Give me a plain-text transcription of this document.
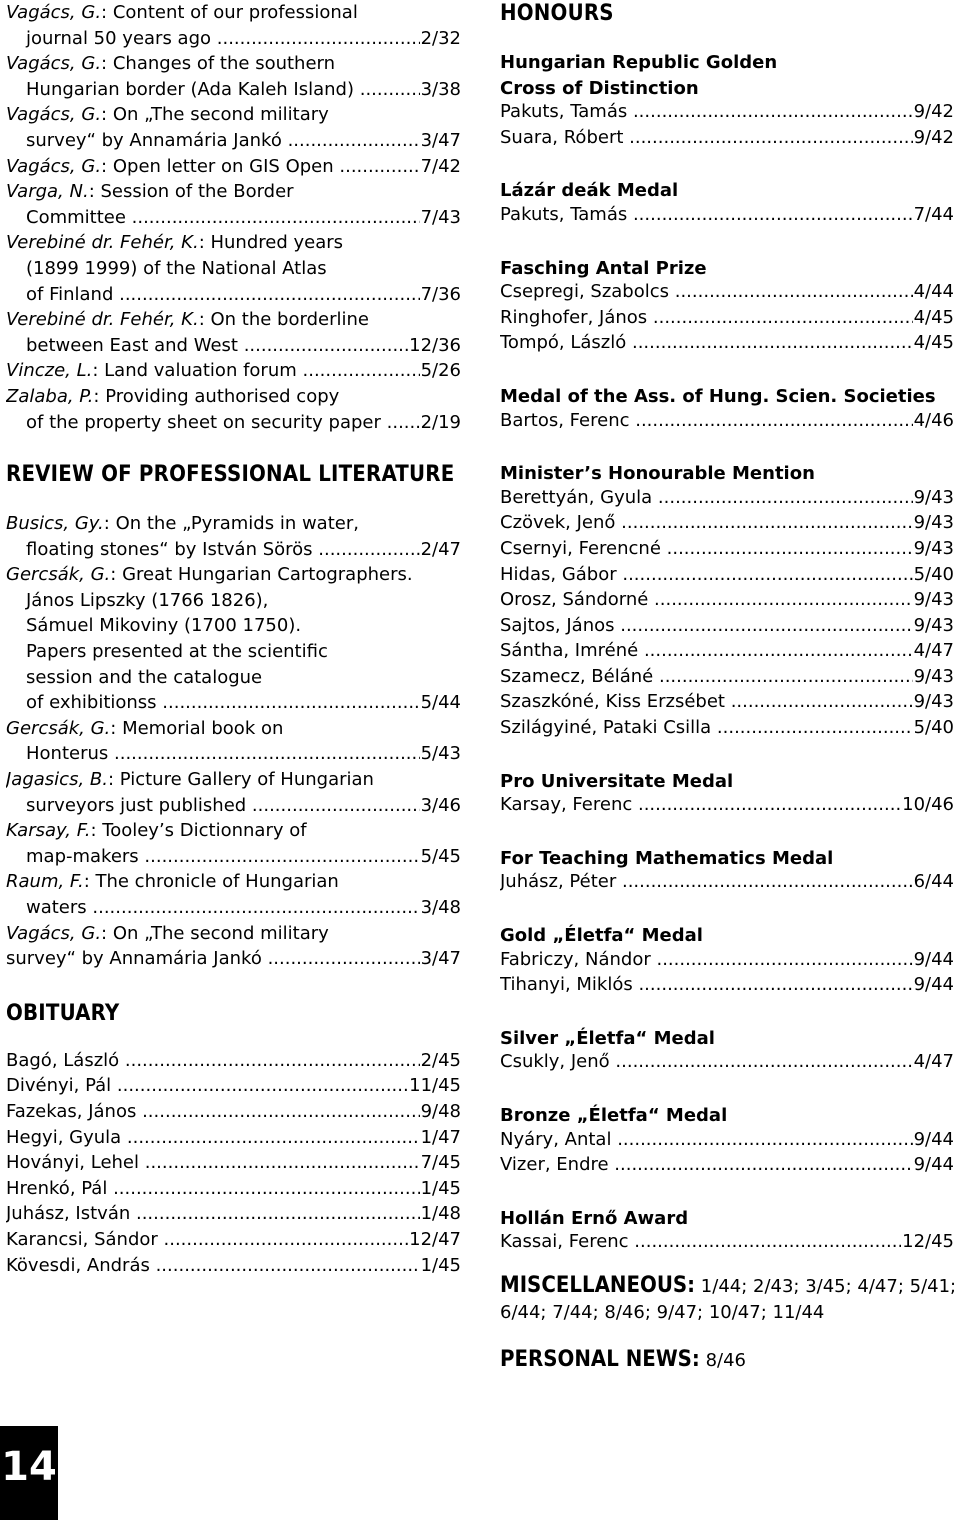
Vagács, G.: Content of our professional
journal 50 years ago .....	2/32
Vagács, G.: Changes of the southern
Hungarian border (Ada Kaleh Island) .....	3/38
Vagács, G.: On „The second military
survey“ by Annamária Jankó .....	3/47
Vagács, G.: Open letter on GIS Open .....	7/42
Varga, N.: Session of the Border
Committee .....	7/43
Verebiné dr. Fehér, K.: Hundred years
(1899 1999) of the National Atlas
of Finland .....	7/36
Verebiné dr. Fehér, K.: On the borderline
between East and West .....	12/36
Vincze, L.: Land valuation forum .....	5/26
Zalaba, P.: Providing authorised copy
of the property sheet on security paper ..... 2/19
REVIEW OF PROFESSIONAL LITERATURE
Busics, Gy.: On the „Pyramids in water,
floating stones“ by István Sörös .....	2/47
Gercsák, G.: Great Hungarian Cartographers.
János Lipszky (1766 1826),
Sámuel Mikoviny (1700 1750).
Papers presented at the scientific
session and the catalogue
of exhibitionss .....	5/44
Gercsák, G.: Memorial book on
Honterus .....	5/43
Jagasics, B.: Picture Gallery of Hungarian
surveyors just published .....	3/46
Karsay, F.: Tooley’s Dictionnary of
map-makers .....	5/45
Raum, F.: The chronicle of Hungarian
waters .....	3/48
Vagács, G.: On „The second military
survey“ by Annamária Jankó .....	3/47
OBITUARY
Bagó, László .....	2/45
Divényi, Pál .....	11/45
Fazekas, János .....	9/48
Hegyi, Gyula .....	1/47
Hoványi, Lehel .....	7/45
Hrenkó, Pál .....	1/45
Juhász, István .....	1/48
Karancsi, Sándor .....	12/47
Kövesdi, András .....	1/45
HONOURS
Hungarian Republic Golden
Cross of Distinction
Pakuts, Tamás .....	9/42
Suara, Róbert .....	9/42
Lázár deák Medal
Pakuts, Tamás .....	7/44
Fasching Antal Prize
Csepregi, Szabolcs .....	4/44
Ringhofer, János .....	4/45
Tompó, László .....	4/45
Medal of the Ass. of Hung. Scien. Societies
Bartos, Ferenc .....	4/46
Minister’s Honourable Mention
Berettyán, Gyula .....	9/43
Czövek, Jenő .....	9/43
Csernyi, Ferencné .....	9/43
Hidas, Gábor .....	5/40
Orosz, Sándorné .....	9/43
Sajtos, János .....	9/43
Sántha, Imréné .....	4/47
Szamecz, Béláné .....	9/43
Szaszkóné, Kiss Erzsébet .....	9/43
Szilágyiné, Pataki Csilla .....	5/40
Pro Universitate Medal
Karsay, Ferenc .....	10/46
For Teaching Mathematics Medal
Juhász, Péter .....	6/44
Gold „Életfa“ Medal
Fabriczy, Nándor .....	9/44
Tihanyi, Miklós .....	9/44
Silver „Életfa“ Medal
Csukly, Jenő .....	4/47
Bronze „Életfa“ Medal
Nyáry, Antal .....	9/44
Vizer, Endre .....	9/44
Hollán Ernő Award
Kassai, Ferenc .....	12/45
MISCELLANEOUS: 1/44; 2/43; 3/45; 4/47; 5/41;
6/44; 7/44; 8/46; 9/47; 10/47; 11/44
PERSONAL NEWS: 8/46
14
